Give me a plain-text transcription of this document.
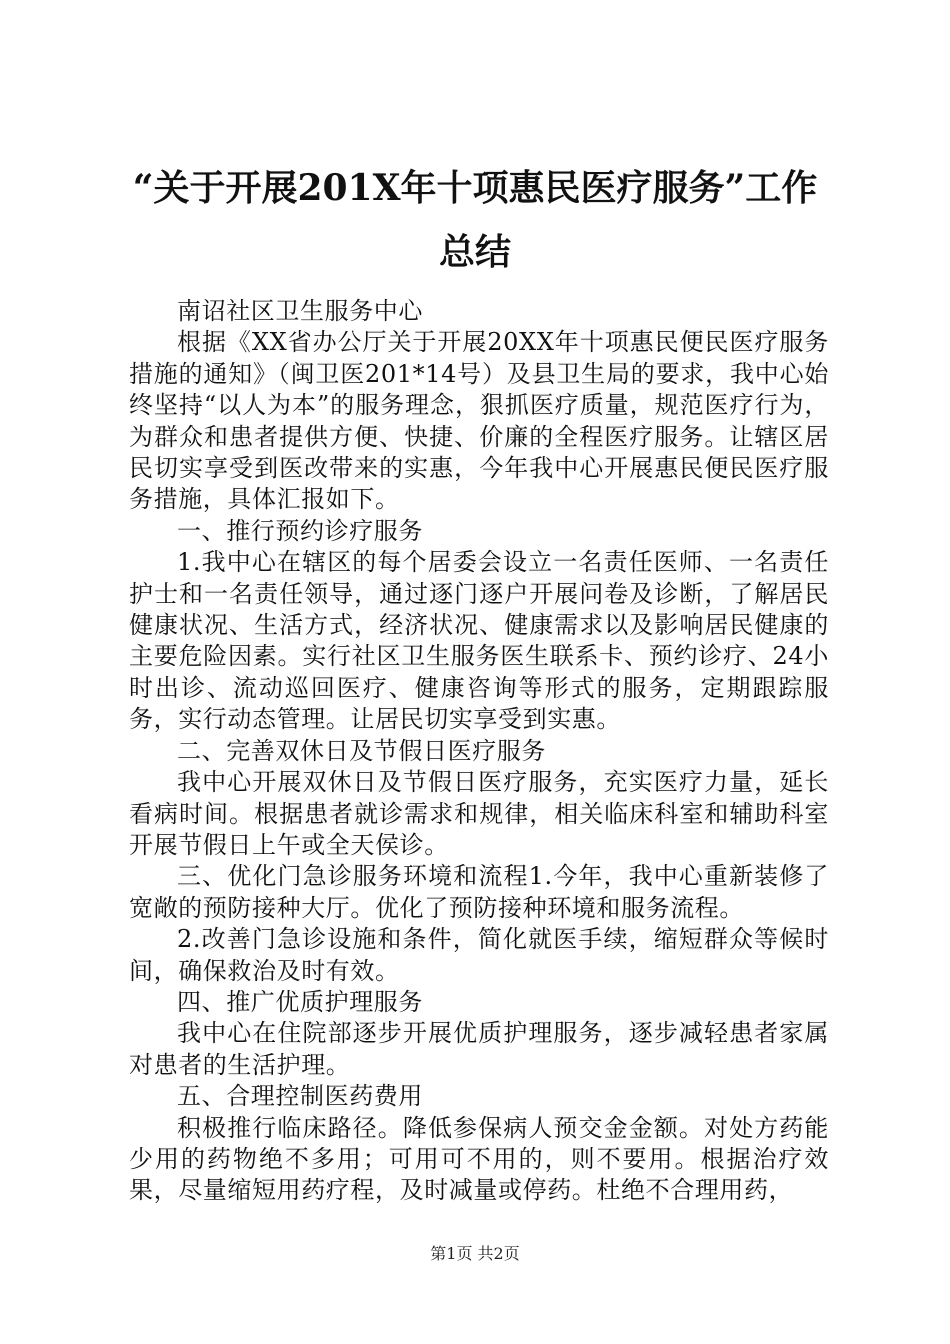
“关于开展201X年十项惠民医疗服务”工作
总结

南诏社区卫生服务中心

根据《XX省办公厅关于开展20XX年十项惠民便民医疗服务措施的通知》（闽卫医201*14号）及县卫生局的要求，我中心始终坚持“以人为本”的服务理念，狠抓医疗质量，规范医疗行为，为群众和患者提供方便、快捷、价廉的全程医疗服务。让辖区居民切实享受到医改带来的实惠，今年我中心开展惠民便民医疗服务措施，具体汇报如下。

一、推行预约诊疗服务

1.我中心在辖区的每个居委会设立一名责任医师、一名责任护士和一名责任领导，通过逐门逐户开展问卷及诊断，了解居民健康状况、生活方式，经济状况、健康需求以及影响居民健康的主要危险因素。实行社区卫生服务医生联系卡、预约诊疗、24小时出诊、流动巡回医疗、健康咨询等形式的服务，定期跟踪服务，实行动态管理。让居民切实享受到实惠。

二、完善双休日及节假日医疗服务

我中心开展双休日及节假日医疗服务，充实医疗力量，延长看病时间。根据患者就诊需求和规律，相关临床科室和辅助科室开展节假日上午或全天侯诊。

三、优化门急诊服务环境和流程1.今年，我中心重新装修了宽敞的预防接种大厅。优化了预防接种环境和服务流程。

2.改善门急诊设施和条件，简化就医手续，缩短群众等候时间，确保救治及时有效。

四、推广优质护理服务

我中心在住院部逐步开展优质护理服务，逐步减轻患者家属对患者的生活护理。

五、合理控制医药费用

积极推行临床路径。降低参保病人预交金金额。对处方药能少用的药物绝不多用；可用可不用的，则不要用。根据治疗效果，尽量缩短用药疗程，及时减量或停药。杜绝不合理用药，

第1页 共2页
